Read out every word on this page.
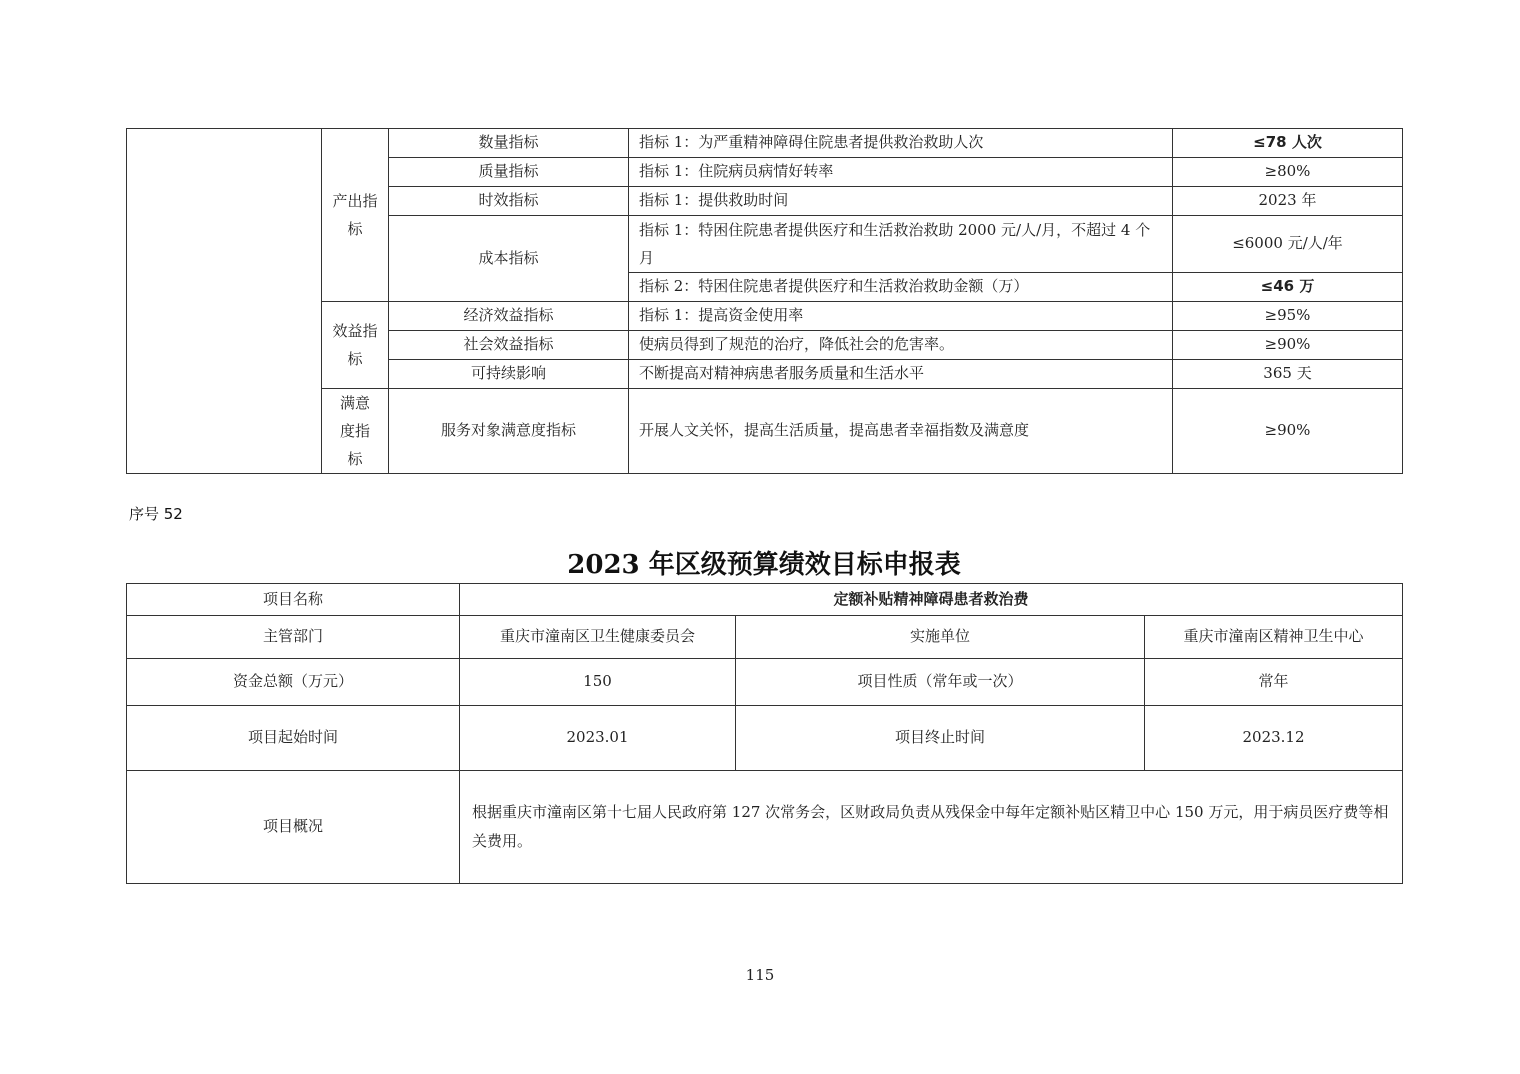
	产出指标	数量指标	指标 1：为严重精神障碍住院患者提供救治救助人次	≤78 人次
		质量指标	指标 1：住院病员病情好转率	≥80%
		时效指标	指标 1：提供救助时间	2023 年
		成本指标	指标 1：特困住院患者提供医疗和生活救治救助 2000 元/人/月，不超过 4 个月	≤6000 元/人/年
			指标 2：特困住院患者提供医疗和生活救治救助金额（万）	≤46 万
	效益指标	经济效益指标	指标 1：提高资金使用率	≥95%
		社会效益指标	使病员得到了规范的治疗，降低社会的危害率。	≥90%
		可持续影响	不断提高对精神病患者服务质量和生活水平	365 天
	满意度指标	服务对象满意度指标	开展人文关怀，提高生活质量，提高患者幸福指数及满意度	≥90%
序号 52
2023 年区级预算绩效目标申报表
项目名称	定额补贴精神障碍患者救治费		
主管部门	重庆市潼南区卫生健康委员会	实施单位	重庆市潼南区精神卫生中心
资金总额（万元）	150	项目性质（常年或一次）	常年
项目起始时间	2023.01	项目终止时间	2023.12
项目概况	根据重庆市潼南区第十七届人民政府第 127 次常务会，区财政局负责从残保金中每年定额补贴区精卫中心 150 万元，用于病员医疗费等相关费用。		
115
